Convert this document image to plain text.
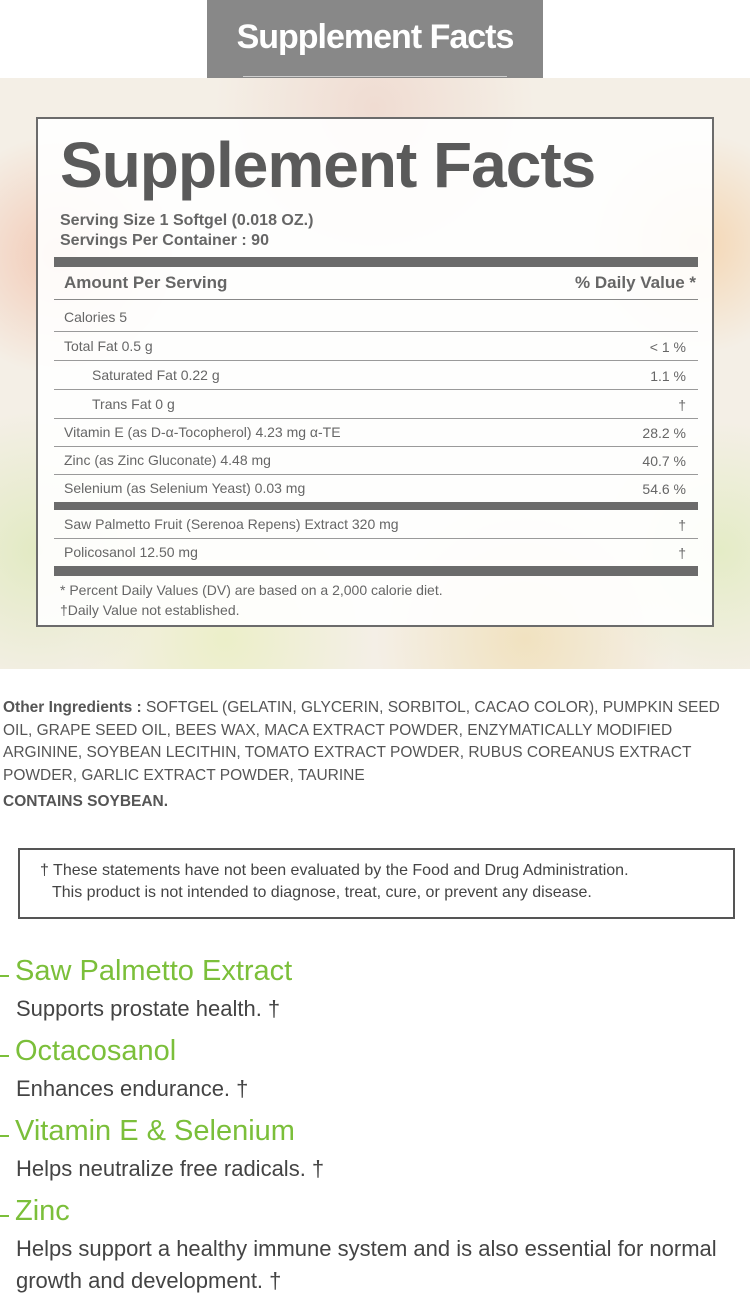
Supplement Facts
Supplement Facts
Serving Size 1 Softgel (0.018 OZ.)
Servings Per Container : 90
Amount Per Serving	% Daily Value *
Calories 5
Total Fat 0.5 g	< 1 %
Saturated Fat 0.22 g	1.1 %
Trans Fat 0 g	†
Vitamin E (as D-α-Tocopherol) 4.23 mg α-TE	28.2 %
Zinc (as Zinc Gluconate) 4.48 mg	40.7 %
Selenium (as Selenium Yeast) 0.03 mg	54.6 %
Saw Palmetto Fruit (Serenoa Repens) Extract 320 mg	†
Policosanol 12.50 mg	†
* Percent Daily Values (DV) are based on a 2,000 calorie diet.
†Daily Value not established.
Other Ingredients : SOFTGEL (GELATIN, GLYCERIN, SORBITOL, CACAO COLOR), PUMPKIN SEED OIL, GRAPE SEED OIL, BEES WAX, MACA EXTRACT POWDER, ENZYMATICALLY MODIFIED ARGININE, SOYBEAN LECITHIN, TOMATO EXTRACT POWDER, RUBUS COREANUS EXTRACT POWDER, GARLIC EXTRACT POWDER, TAURINE
CONTAINS SOYBEAN.
† These statements have not been evaluated by the Food and Drug Administration.
This product is not intended to diagnose, treat, cure, or prevent any disease.
Saw Palmetto Extract
Supports prostate health. †
Octacosanol
Enhances endurance. †
Vitamin E & Selenium
Helps neutralize free radicals. †
Zinc
Helps support a healthy immune system and is also essential for normal growth and development. †
